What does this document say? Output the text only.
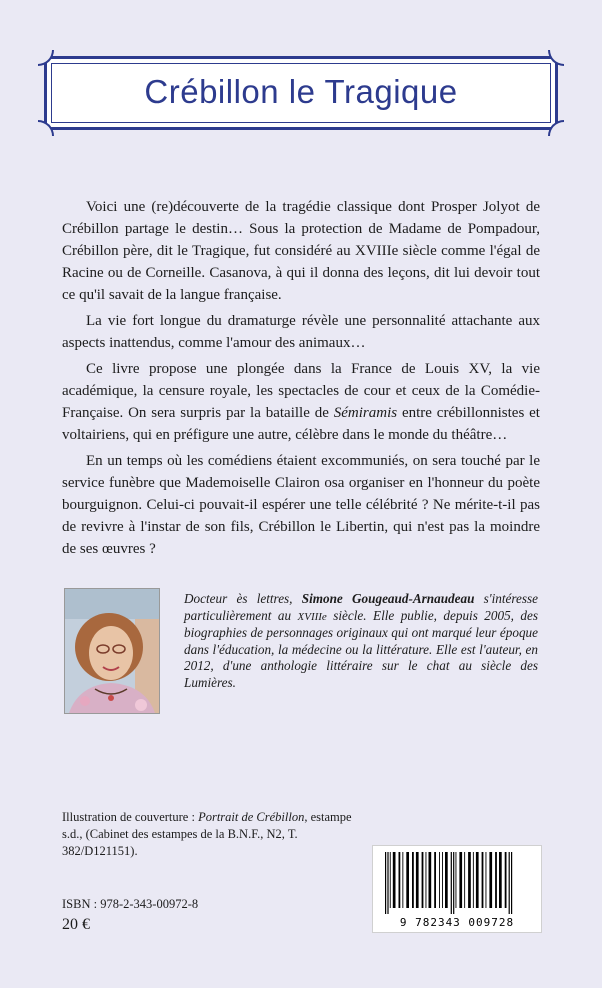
Crébillon le Tragique

Voici une (re)découverte de la tragédie classique dont Prosper Jolyot de Crébillon partage le destin… Sous la protection de Madame de Pompadour, Crébillon père, dit le Tragique, fut considéré au XVIIIe siècle comme l'égal de Racine ou de Corneille. Casanova, à qui il donna des leçons, dit lui devoir tout ce qu'il savait de la langue française.

La vie fort longue du dramaturge révèle une personnalité attachante aux aspects inattendus, comme l'amour des animaux…

Ce livre propose une plongée dans la France de Louis XV, la vie académique, la censure royale, les spectacles de cour et ceux de la Comédie-Française. On sera surpris par la bataille de Sémiramis entre crébillonnistes et voltairiens, qui en préfigure une autre, célèbre dans le monde du théâtre…

En un temps où les comédiens étaient excommuniés, on sera touché par le service funèbre que Mademoiselle Clairon osa organiser en l'honneur du poète bourguignon. Celui-ci pouvait-il espérer une telle célébrité ? Ne mérite-t-il pas de revivre à l'instar de son fils, Crébillon le Libertin, qui n'est pas la moindre de ses œuvres ?

Docteur ès lettres, Simone Gougeaud-Arnaudeau s'intéresse particulièrement au XVIIIe siècle. Elle publie, depuis 2005, des biographies de personnages originaux qui ont marqué leur époque dans l'éducation, la médecine ou la littérature. Elle est l'auteur, en 2012, d'une anthologie littéraire sur le chat au siècle des Lumières.

Illustration de couverture : Portrait de Crébillon, estampe s.d., (Cabinet des estampes de la B.N.F., N2, T. 382/D121151).

ISBN : 978-2-343-00972-8
20 €	9 782343 009728
